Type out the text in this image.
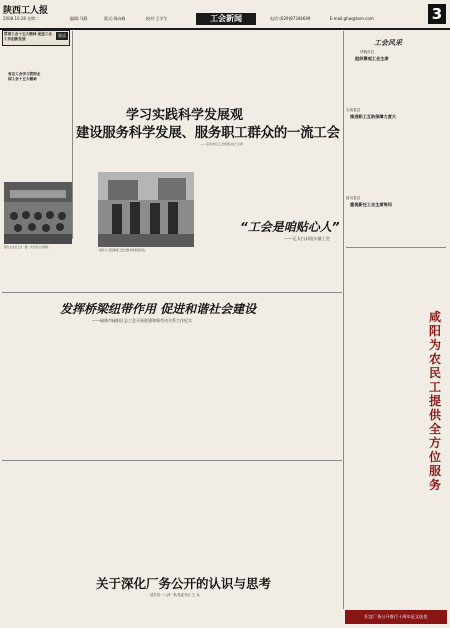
陕西工人报
2008.10.28 星期二	编辑:马静	版式:周向峰	校对:王学生	工会新闻	电话:(029)87344649	E-mail:ghw@tom.com	3
贯彻工会十五大精神 促进工会工作创新发展
笔谈
省总工会学习贯彻全国工会十五大精神

学习实践科学发展观
建设服务科学发展、服务职工群众的一流工会
——宝鸡市总工会党组书记 主席
工会风采
华阴市总
组织慕观工会主席
石泉县总
推进职工互助保障力度大
洛川县总
重视新任工会主席培训
咸阳为农民工提供全方位服务
图为太白县工会一届一次代表大会现场。
“娘家人”给困难职工送去慰问金和慰问品。
“工会是咱贴心人”
——记太白县咀头镇工会
发挥桥梁纽带作用 促进和谐社会建设
——榆林市榆阳区总工会开展创建和谐劳动关系工作纪实
关于深化厂务公开的认识与思考
延长县一八四一队党委书记 王 兵
纪念厂务公开推行十周年征文选登
